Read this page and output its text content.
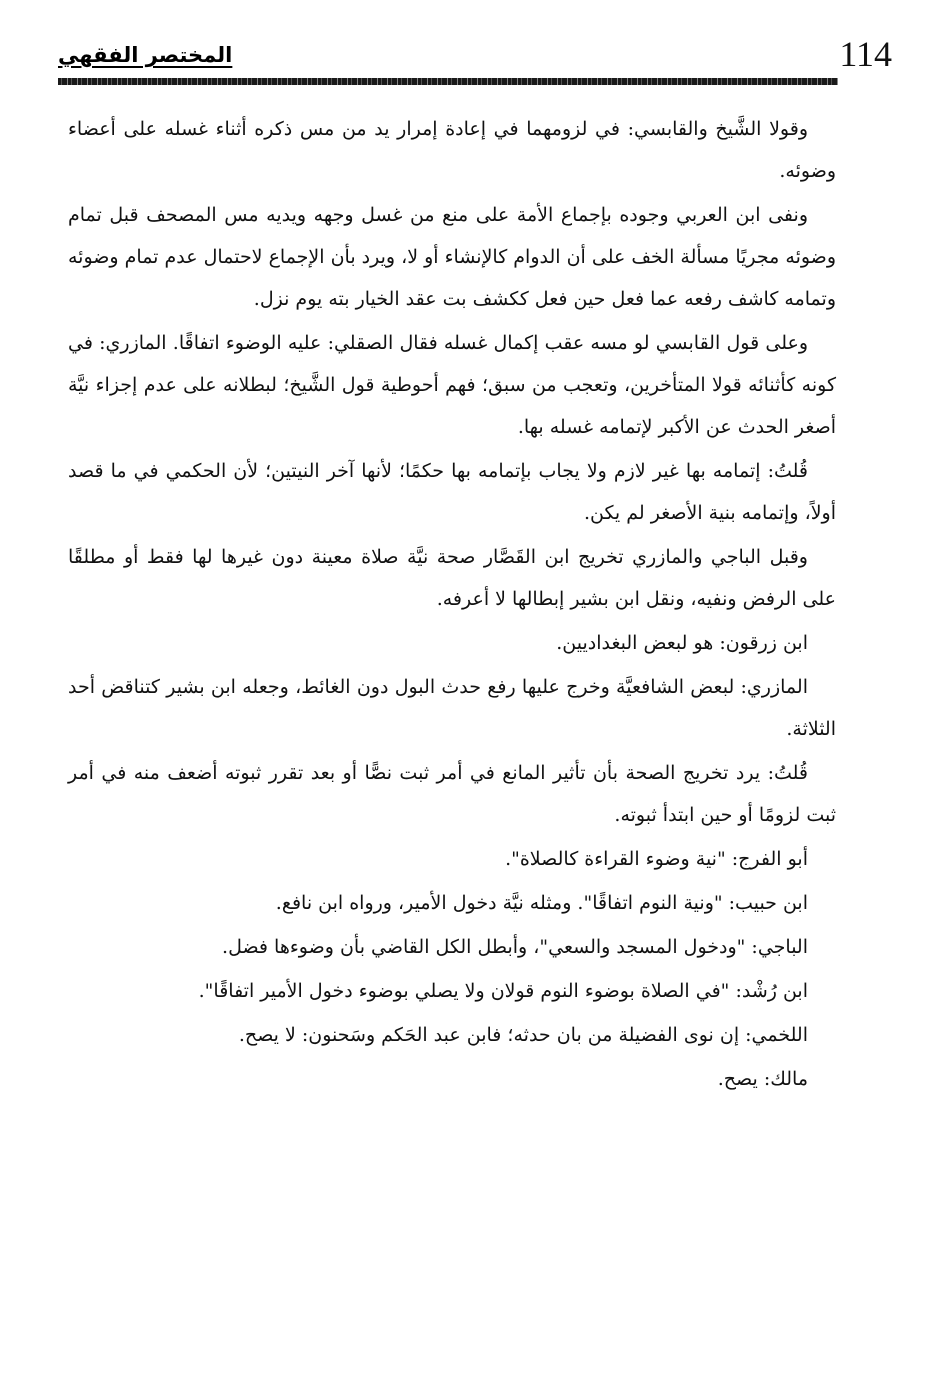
114
المختصر الفقهي

وقولا الشَّيخ والقابسي: في لزومهما في إعادة إمرار يد من مس ذكره أثناء غسله على أعضاء وضوئه.

ونفى ابن العربي وجوده بإجماع الأمة على منع من غسل وجهه ويديه مس المصحف قبل تمام وضوئه مجريًا مسألة الخف على أن الدوام كالإنشاء أو لا، ويرد بأن الإجماع لاحتمال عدم تمام وضوئه وتمامه كاشف رفعه عما فعل حين فعل ككشف بت عقد الخيار بته يوم نزل.

وعلى قول القابسي لو مسه عقب إكمال غسله فقال الصقلي: عليه الوضوء اتفاقًا. المازري: في كونه كأثنائه قولا المتأخرين، وتعجب من سبق؛ فهم أحوطية قول الشَّيخ؛ لبطلانه على عدم إجزاء نيَّة أصغر الحدث عن الأكبر لإتمامه غسله بها.

قُلتُ: إتمامه بها غير لازم ولا يجاب بإتمامه بها حكمًا؛ لأنها آخر النيتين؛ لأن الحكمي في ما قصد أولاً، وإتمامه بنية الأصغر لم يكن.

وقبل الباجي والمازري تخريج ابن القَصَّار صحة نيَّة صلاة معينة دون غيرها لها فقط أو مطلقًا على الرفض ونفيه، ونقل ابن بشير إبطالها لا أعرفه.

ابن زرقون: هو لبعض البغداديين.

المازري: لبعض الشافعيَّة وخرج عليها رفع حدث البول دون الغائط، وجعله ابن بشير كتناقض أحد الثلاثة.

قُلتُ: يرد تخريج الصحة بأن تأثير المانع في أمر ثبت نصًّا أو بعد تقرر ثبوته أضعف منه في أمر ثبت لزومًا أو حين ابتدأ ثبوته.

أبو الفرج: "نية وضوء القراءة كالصلاة".

ابن حبيب: "ونية النوم اتفاقًا". ومثله نيَّة دخول الأمير، ورواه ابن نافع.

الباجي: "ودخول المسجد والسعي"، وأبطل الكل القاضي بأن وضوءها فضل.

ابن رُشْد: "في الصلاة بوضوء النوم قولان ولا يصلي بوضوء دخول الأمير اتفاقًا".

اللخمي: إن نوى الفضيلة من بان حدثه؛ فابن عبد الحَكم وسَحنون: لا يصح.

مالك: يصح.
